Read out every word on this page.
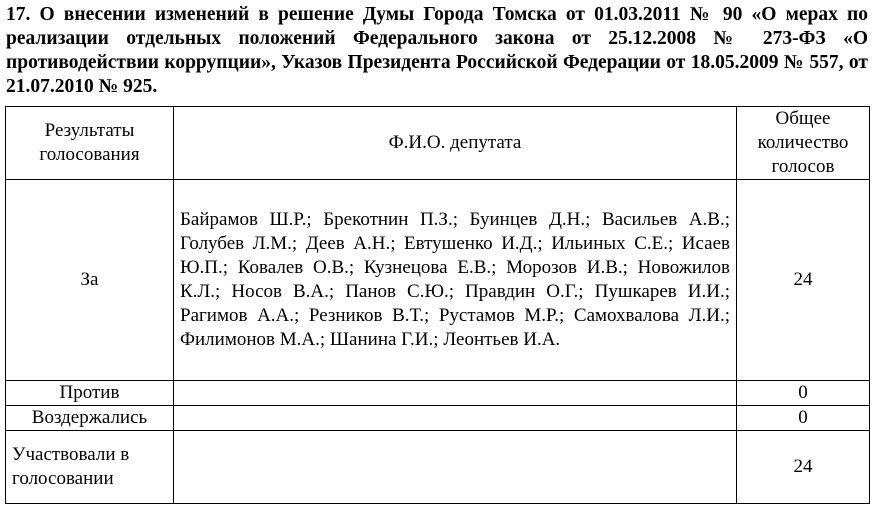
17. О внесении изменений в решение Думы Города Томска от 01.03.2011 № 90 «О мерах по реализации отдельных положений Федерального закона от 25.12.2008 № 273-ФЗ «О противодействии коррупции», Указов Президента Российской Федерации от 18.05.2009 № 557, от 21.07.2010 № 925.
Результаты голосования	Ф.И.О. депутата	Общее количество голосов
За	Байрамов Ш.Р.; Брекотнин П.З.; Буинцев Д.Н.; Васильев А.В.; Голубев Л.М.; Деев А.Н.; Евтушенко И.Д.; Ильиных С.Е.; Исаев Ю.П.; Ковалев О.В.; Кузнецова Е.В.; Морозов И.В.; Новожилов К.Л.; Носов В.А.; Панов С.Ю.; Правдин О.Г.; Пушкарев И.И.; Рагимов А.А.; Резников В.Т.; Рустамов М.Р.; Самохвалова Л.И.; Филимонов М.А.; Шанина Г.И.; Леонтьев И.А.	24
Против		0
Воздержались		0
Участвовали в голосовании		24
